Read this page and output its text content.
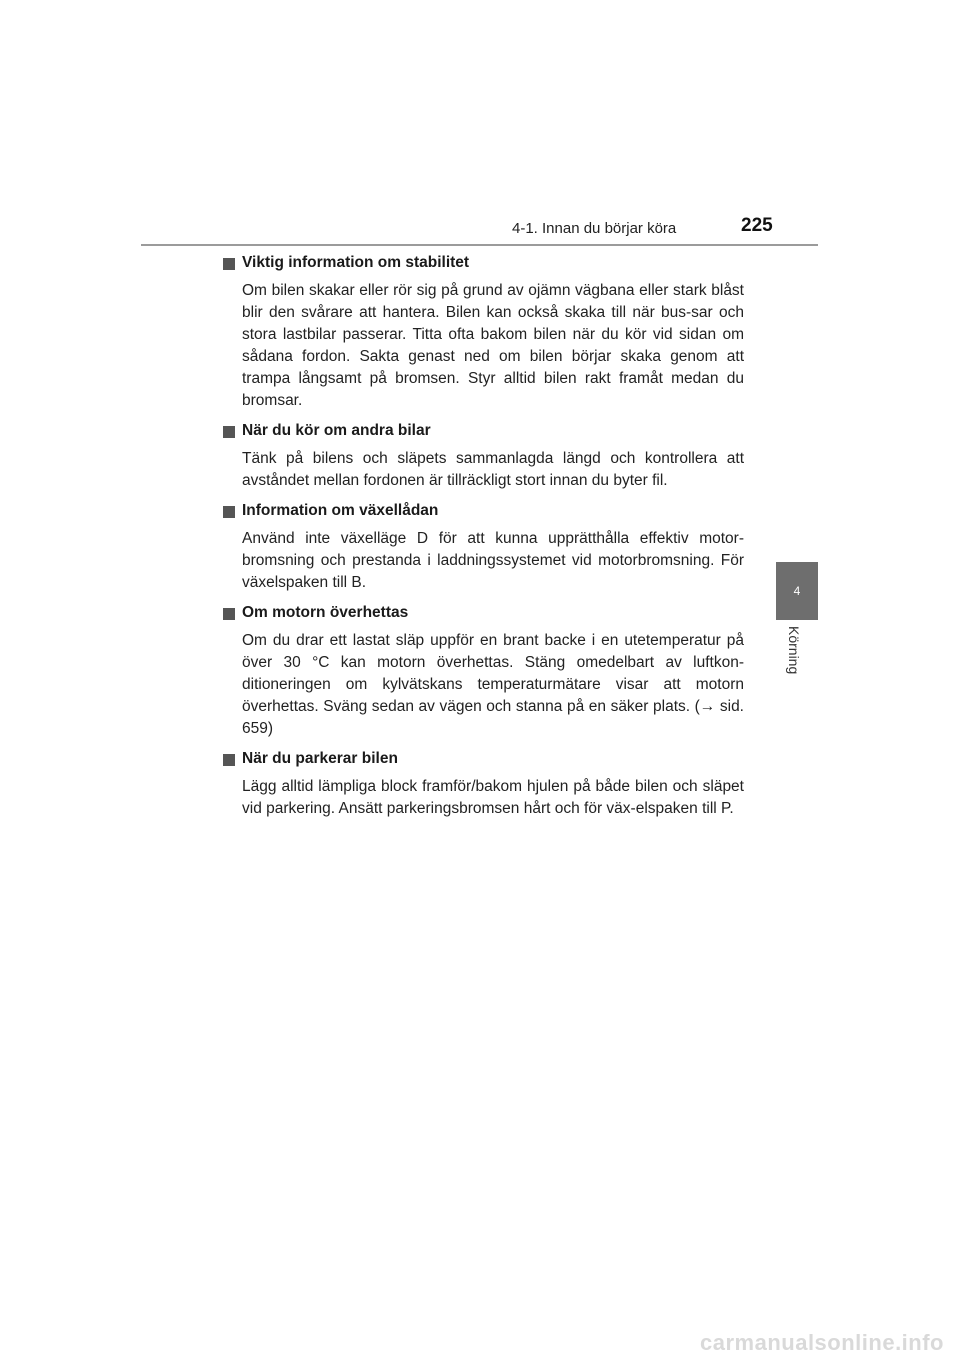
4-1. Innan du börjar köra	225
4
Körning
Viktig information om stabilitet

Om bilen skakar eller rör sig på grund av ojämn vägbana eller stark blåst blir den svårare att hantera. Bilen kan också skaka till när bus-sar och stora lastbilar passerar. Titta ofta bakom bilen när du kör vid sidan om sådana fordon. Sakta genast ned om bilen börjar skaka genom att trampa långsamt på bromsen. Styr alltid bilen rakt framåt medan du bromsar.

När du kör om andra bilar

Tänk på bilens och släpets sammanlagda längd och kontrollera att avståndet mellan fordonen är tillräckligt stort innan du byter fil.

Information om växellådan

Använd inte växelläge D för att kunna upprätthålla effektiv motor-bromsning och prestanda i laddningssystemet vid motorbromsning. För växelspaken till B.

Om motorn överhettas

Om du drar ett lastat släp uppför en brant backe i en utetemperatur på över 30 °C kan motorn överhettas. Stäng omedelbart av luftkon-ditioneringen om kylvätskans temperaturmätare visar att motorn överhettas. Sväng sedan av vägen och stanna på en säker plats. (→ sid. 659)

När du parkerar bilen

Lägg alltid lämpliga block framför/bakom hjulen på både bilen och släpet vid parkering. Ansätt parkeringsbromsen hårt och för väx-elspaken till P.

carmanualsonline.info
